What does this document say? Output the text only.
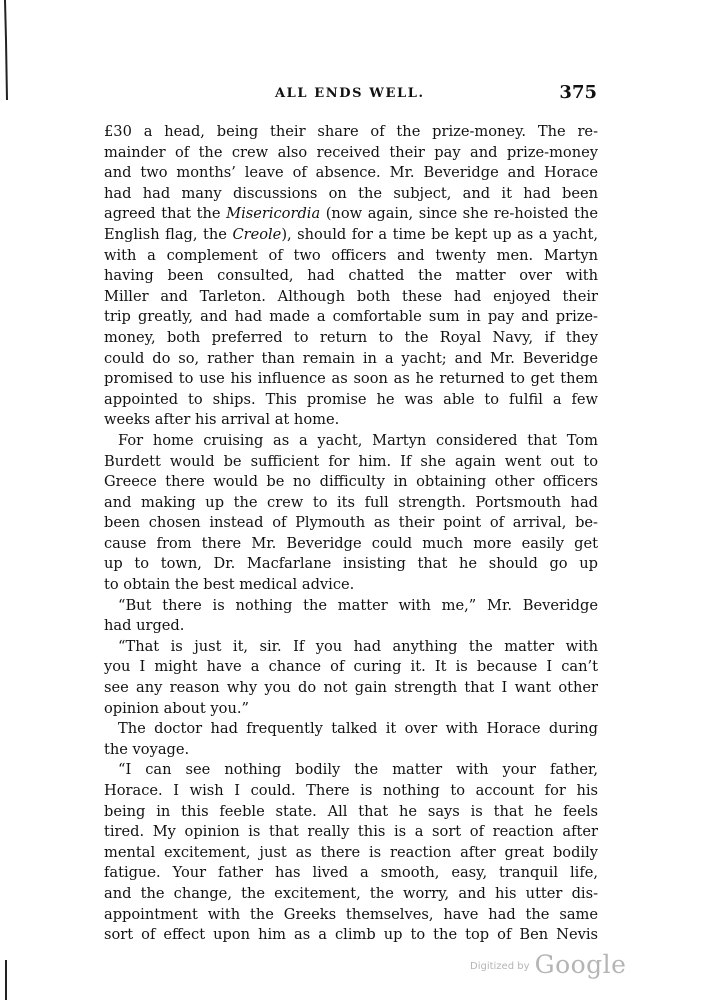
ALL ENDS WELL.	375
£30 a head, being their share of the prize-money. The re-
mainder of the crew also received their pay and prize-money
and two months’ leave of absence. Mr. Beveridge and Horace
had had many discussions on the subject, and it had been
agreed that the Misericordia (now again, since she re-hoisted the
English flag, the Creole), should for a time be kept up as a yacht,
with a complement of two officers and twenty men. Martyn
having been consulted, had chatted the matter over with
Miller and Tarleton. Although both these had enjoyed their
trip greatly, and had made a comfortable sum in pay and prize-
money, both preferred to return to the Royal Navy, if they
could do so, rather than remain in a yacht; and Mr. Beveridge
promised to use his influence as soon as he returned to get them
appointed to ships. This promise he was able to fulfil a few
weeks after his arrival at home.
For home cruising as a yacht, Martyn considered that Tom
Burdett would be sufficient for him. If she again went out to
Greece there would be no difficulty in obtaining other officers
and making up the crew to its full strength. Portsmouth had
been chosen instead of Plymouth as their point of arrival, be-
cause from there Mr. Beveridge could much more easily get
up to town, Dr. Macfarlane insisting that he should go up
to obtain the best medical advice.
“But there is nothing the matter with me,” Mr. Beveridge
had urged.
“That is just it, sir. If you had anything the matter with
you I might have a chance of curing it. It is because I can’t
see any reason why you do not gain strength that I want other
opinion about you.”
The doctor had frequently talked it over with Horace during
the voyage.
“I can see nothing bodily the matter with your father,
Horace. I wish I could. There is nothing to account for his
being in this feeble state. All that he says is that he feels
tired. My opinion is that really this is a sort of reaction after
mental excitement, just as there is reaction after great bodily
fatigue. Your father has lived a smooth, easy, tranquil life,
and the change, the excitement, the worry, and his utter dis-
appointment with the Greeks themselves, have had the same
sort of effect upon him as a climb up to the top of Ben Nevis
$^{Digitized by}$ Google
